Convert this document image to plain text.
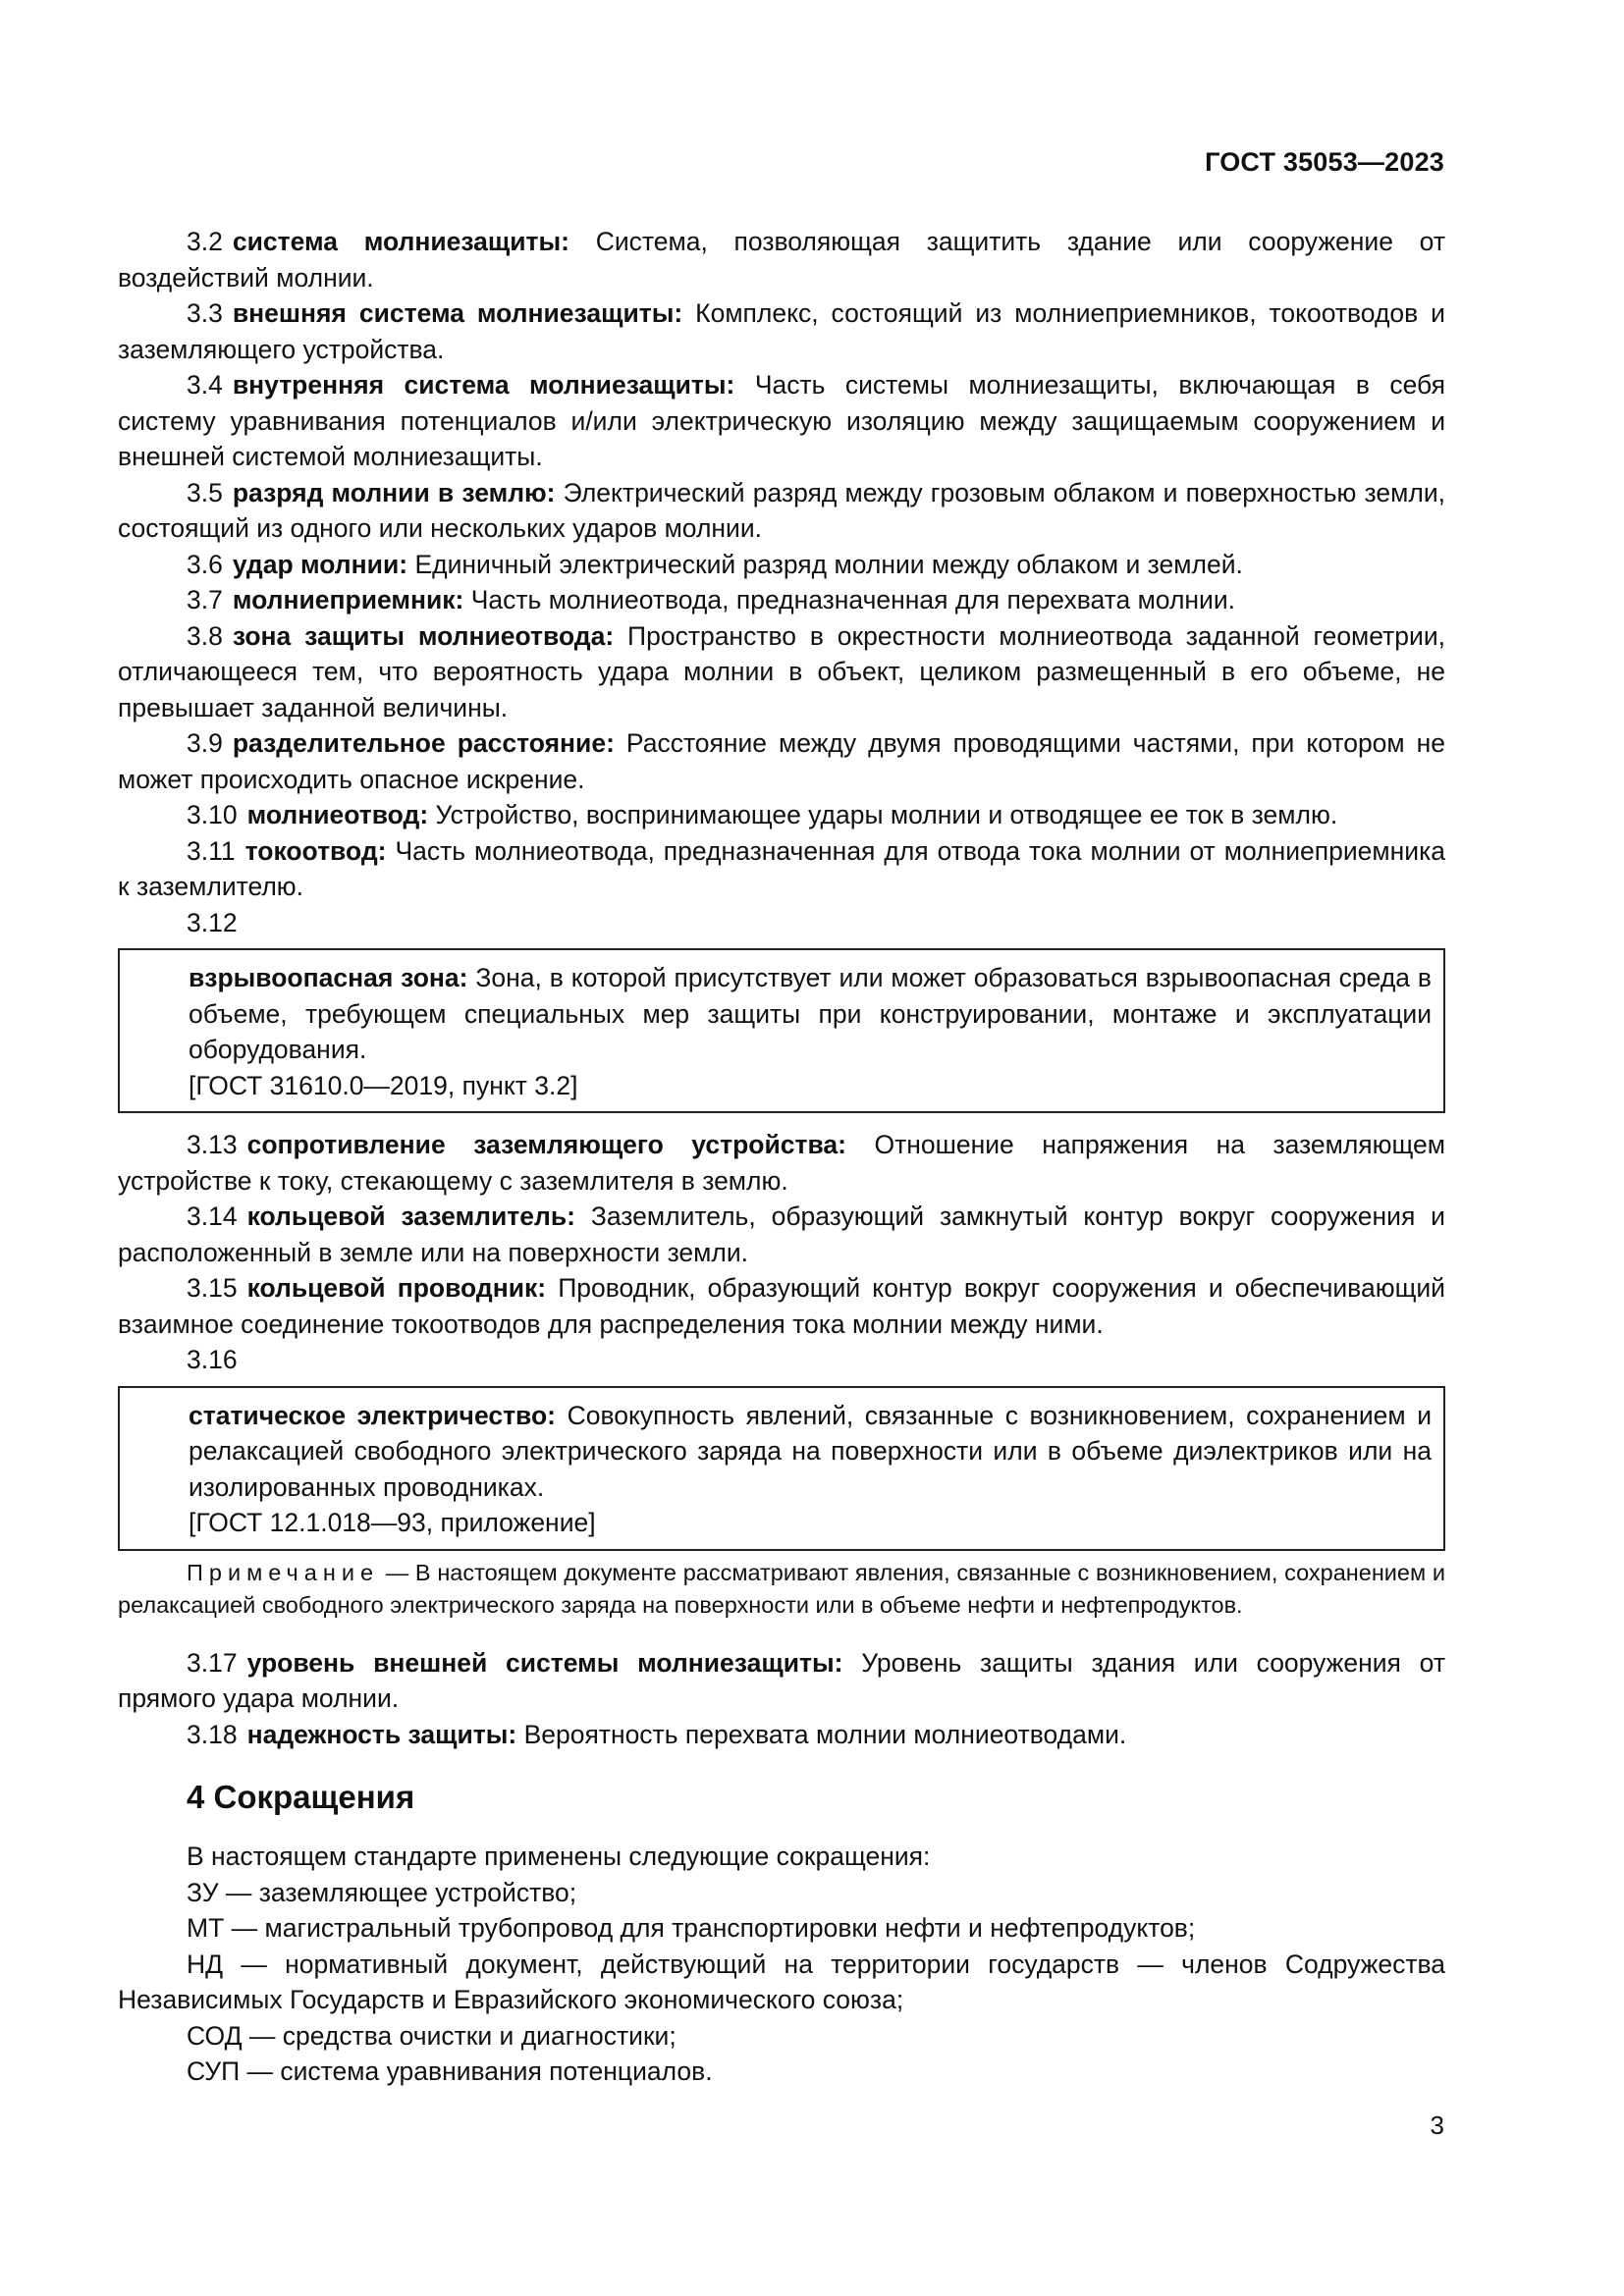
ГОСТ 35053—2023

3.2 система молниезащиты: Система, позволяющая защитить здание или сооружение от воздействий молнии.

3.3 внешняя система молниезащиты: Комплекс, состоящий из молниеприемников, токоотводов и заземляющего устройства.

3.4 внутренняя система молниезащиты: Часть системы молниезащиты, включающая в себя систему уравнивания потенциалов и/или электрическую изоляцию между защищаемым сооружением и внешней системой молниезащиты.

3.5 разряд молнии в землю: Электрический разряд между грозовым облаком и поверхностью земли, состоящий из одного или нескольких ударов молнии.

3.6 удар молнии: Единичный электрический разряд молнии между облаком и землей.

3.7 молниеприемник: Часть молниеотвода, предназначенная для перехвата молнии.

3.8 зона защиты молниеотвода: Пространство в окрестности молниеотвода заданной геометрии, отличающееся тем, что вероятность удара молнии в объект, целиком размещенный в его объеме, не превышает заданной величины.

3.9 разделительное расстояние: Расстояние между двумя проводящими частями, при котором не может происходить опасное искрение.

3.10 молниеотвод: Устройство, воспринимающее удары молнии и отводящее ее ток в землю.

3.11 токоотвод: Часть молниеотвода, предназначенная для отвода тока молнии от молниеприемника к заземлителю.

3.12

взрывоопасная зона: Зона, в которой присутствует или может образоваться взрывоопасная среда в объеме, требующем специальных мер защиты при конструировании, монтаже и эксплуатации оборудования.

[ГОСТ 31610.0—2019, пункт 3.2]

3.13 сопротивление заземляющего устройства: Отношение напряжения на заземляющем устройстве к току, стекающему с заземлителя в землю.

3.14 кольцевой заземлитель: Заземлитель, образующий замкнутый контур вокруг сооружения и расположенный в земле или на поверхности земли.

3.15 кольцевой проводник: Проводник, образующий контур вокруг сооружения и обеспечивающий взаимное соединение токоотводов для распределения тока молнии между ними.

3.16

статическое электричество: Совокупность явлений, связанные с возникновением, сохранением и релаксацией свободного электрического заряда на поверхности или в объеме диэлектриков или на изолированных проводниках.

[ГОСТ 12.1.018—93, приложение]

Примечание — В настоящем документе рассматривают явления, связанные с возникновением, сохранением и релаксацией свободного электрического заряда на поверхности или в объеме нефти и нефтепродуктов.

3.17 уровень внешней системы молниезащиты: Уровень защиты здания или сооружения от прямого удара молнии.

3.18 надежность защиты: Вероятность перехвата молнии молниеотводами.

4 Сокращения

В настоящем стандарте применены следующие сокращения:

ЗУ — заземляющее устройство;

МТ — магистральный трубопровод для транспортировки нефти и нефтепродуктов;

НД — нормативный документ, действующий на территории государств — членов Содружества Независимых Государств и Евразийского экономического союза;

СОД — средства очистки и диагностики;

СУП — система уравнивания потенциалов.

3
